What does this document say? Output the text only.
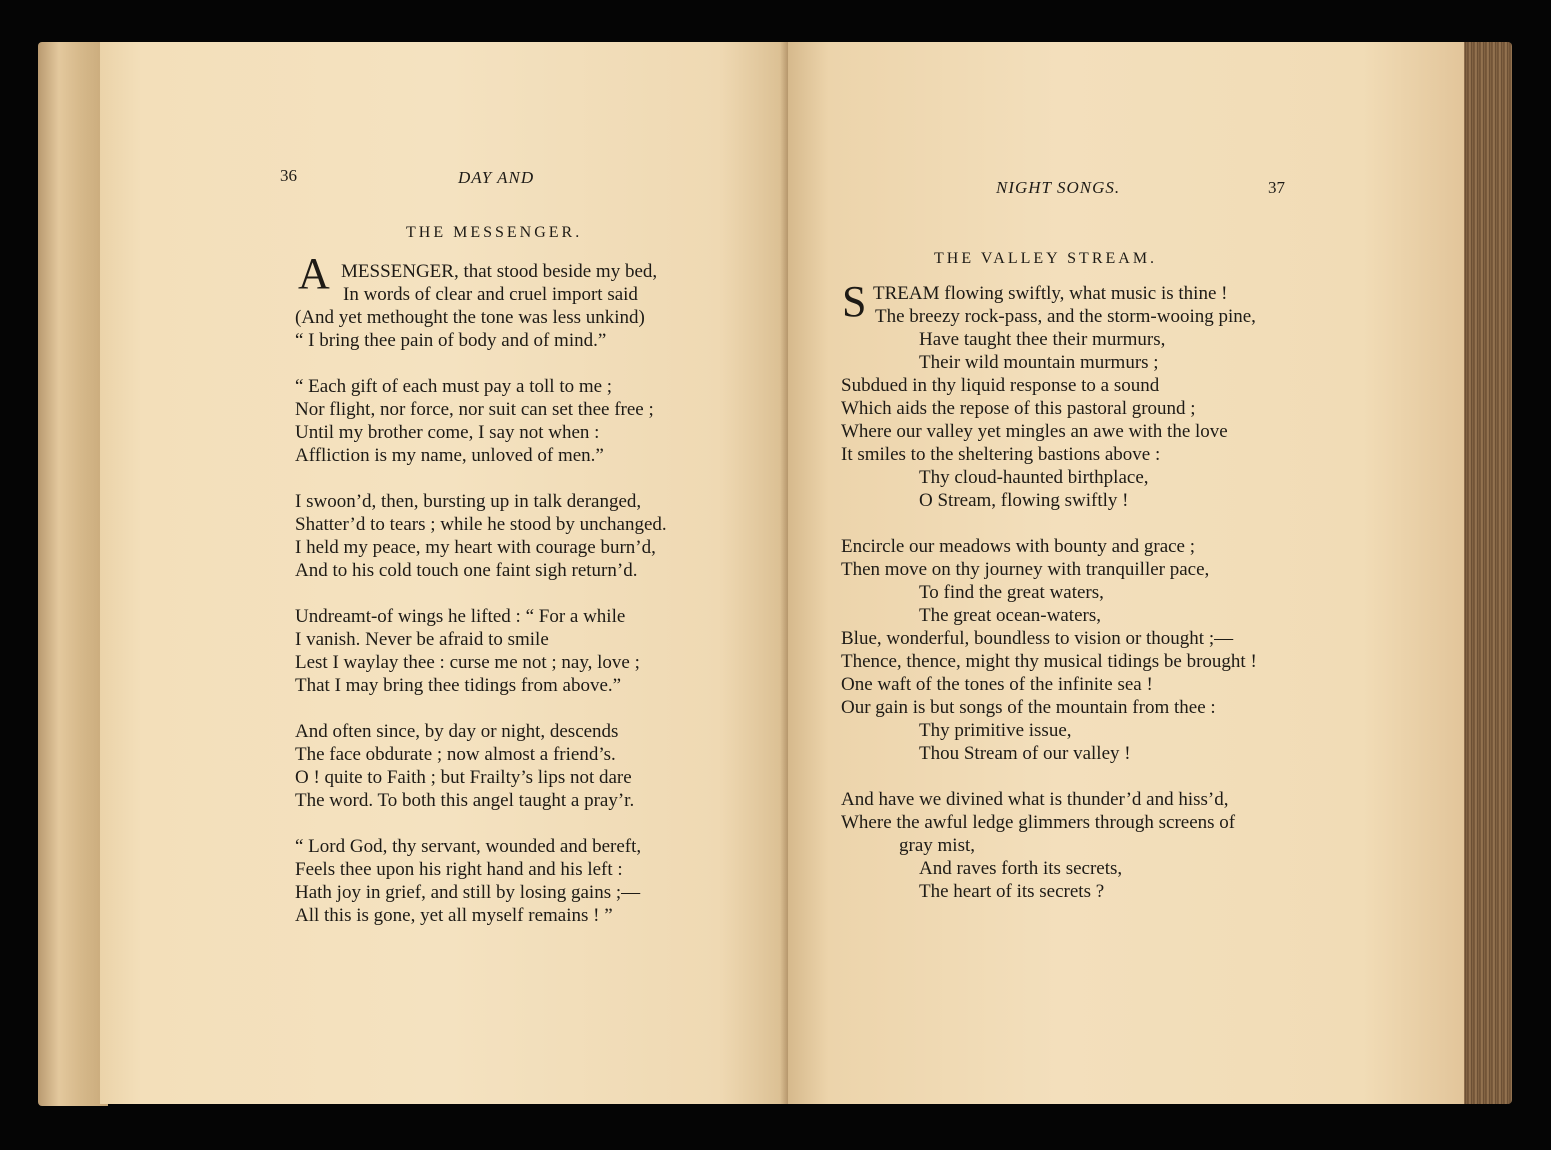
36	DAY AND
THE MESSENGER.
A MESSENGER, that stood beside my bed,
In words of clear and cruel import said
(And yet methought the tone was less unkind)
“ I bring thee pain of body and of mind.”
“ Each gift of each must pay a toll to me ;
Nor flight, nor force, nor suit can set thee free ;
Until my brother come, I say not when :
Affliction is my name, unloved of men.”
I swoon’d, then, bursting up in talk deranged,
Shatter’d to tears ; while he stood by unchanged.
I held my peace, my heart with courage burn’d,
And to his cold touch one faint sigh return’d.
Undreamt-of wings he lifted : “ For a while
I vanish. Never be afraid to smile
Lest I waylay thee : curse me not ; nay, love ;
That I may bring thee tidings from above.”
And often since, by day or night, descends
The face obdurate ; now almost a friend’s.
O ! quite to Faith ; but Frailty’s lips not dare
The word. To both this angel taught a pray’r.
“ Lord God, thy servant, wounded and bereft,
Feels thee upon his right hand and his left :
Hath joy in grief, and still by losing gains ;—
All this is gone, yet all myself remains ! ”
NIGHT SONGS.	37
THE VALLEY STREAM.
S TREAM flowing swiftly, what music is thine !
The breezy rock-pass, and the storm-wooing pine,
Have taught thee their murmurs,
Their wild mountain murmurs ;
Subdued in thy liquid response to a sound
Which aids the repose of this pastoral ground ;
Where our valley yet mingles an awe with the love
It smiles to the sheltering bastions above :
Thy cloud-haunted birthplace,
O Stream, flowing swiftly !
Encircle our meadows with bounty and grace ;
Then move on thy journey with tranquiller pace,
To find the great waters,
The great ocean-waters,
Blue, wonderful, boundless to vision or thought ;—
Thence, thence, might thy musical tidings be brought !
One waft of the tones of the infinite sea !
Our gain is but songs of the mountain from thee :
Thy primitive issue,
Thou Stream of our valley !
And have we divined what is thunder’d and hiss’d,
Where the awful ledge glimmers through screens of
gray mist,
And raves forth its secrets,
The heart of its secrets ?
